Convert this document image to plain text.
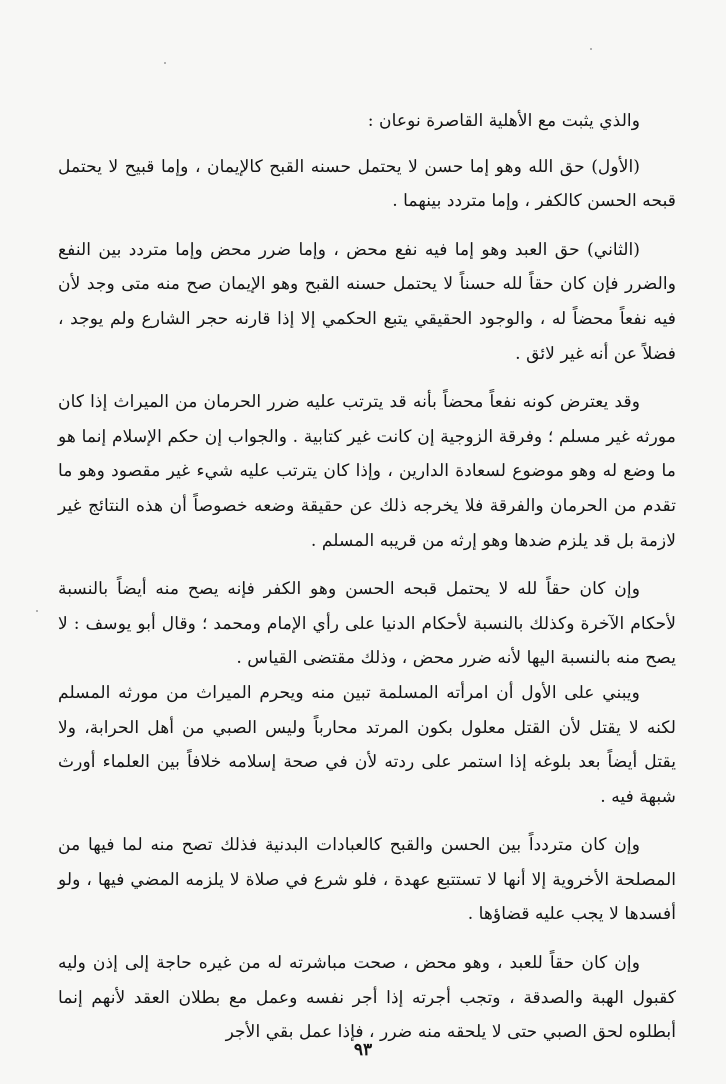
والذي يثبت مع الأهلية القاصرة نوعان :

(الأول) حق الله وهو إما حسن لا يحتمل حسنه القبح كالإيمان ، وإما قبيح لا يحتمل قبحه الحسن كالكفر ، وإما متردد بينهما .

(الثاني) حق العبد وهو إما فيه نفع محض ، وإما ضرر محض وإما متردد بين النفع والضرر فإن كان حقاً لله حسناً لا يحتمل حسنه القبح وهو الإيمان صح منه متى وجد لأن فيه نفعاً محضاً له ، والوجود الحقيقي يتبع الحكمي إلا إذا قارنه حجر الشارع ولم يوجد ، فضلاً عن أنه غير لائق .

وقد يعترض كونه نفعاً محضاً بأنه قد يترتب عليه ضرر الحرمان من الميراث إذا كان مورثه غير مسلم ؛ وفرقة الزوجية إن كانت غير كتابية . والجواب إن حكم الإسلام إنما هو ما وضع له وهو موضوع لسعادة الدارين ، وإذا كان يترتب عليه شيء غير مقصود وهو ما تقدم من الحرمان والفرقة فلا يخرجه ذلك عن حقيقة وضعه خصوصاً أن هذه النتائج غير لازمة بل قد يلزم ضدها وهو إرثه من قريبه المسلم .

وإن كان حقاً لله لا يحتمل قبحه الحسن وهو الكفر فإنه يصح منه أيضاً بالنسبة لأحكام الآخرة وكذلك بالنسبة لأحكام الدنيا على رأي الإمام ومحمد ؛ وقال أبو يوسف : لا يصح منه بالنسبة اليها لأنه ضرر محض ، وذلك مقتضى القياس .

ويبني على الأول أن امرأته المسلمة تبين منه ويحرم الميراث من مورثه المسلم لكنه لا يقتل لأن القتل معلول بكون المرتد محارباً وليس الصبي من أهل الحرابة، ولا يقتل أيضاً بعد بلوغه إذا استمر على ردته لأن في صحة إسلامه خلافاً بين العلماء أورث شبهة فيه .

وإن كان متردداً بين الحسن والقبح كالعبادات البدنية فذلك تصح منه لما فيها من المصلحة الأخروية إلا أنها لا تستتبع عهدة ، فلو شرع في صلاة لا يلزمه المضي فيها ، ولو أفسدها لا يجب عليه قضاؤها .

وإن كان حقاً للعبد ، وهو محض ، صحت مباشرته له من غيره حاجة إلى إذن وليه كقبول الهبة والصدقة ، وتجب أجرته إذا أجر نفسه وعمل مع بطلان العقد لأنهم إنما أبطلوه لحق الصبي حتى لا يلحقه منه ضرر ، فإذا عمل بقي الأجر

٩٣
